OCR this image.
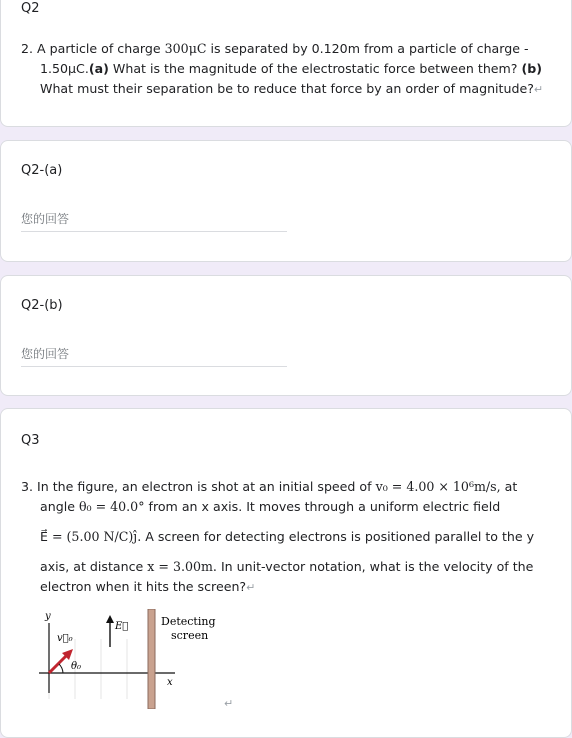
Q2
2. A particle of charge 300μC is separated by 0.120m from a particle of charge -
1.50μC.(a) What is the magnitude of the electrostatic force between them? (b)
What must their separation be to reduce that force by an order of magnitude?↵
Q2-(a)
您的回答
Q2-(b)
您的回答
Q3
3. In the figure, an electron is shot at an initial speed of v₀ = 4.00 × 10⁶m/s, at
angle θ₀ = 40.0° from an x axis. It moves through a uniform electric field
E⃗ = (5.00 N/C)ĵ. A screen for detecting electrons is positioned parallel to the y
axis, at distance x = 3.00m. In unit-vector notation, what is the velocity of the
electron when it hits the screen?↵
y
x
v⃗₀
θ₀
E⃗	Detecting
screen
↵
